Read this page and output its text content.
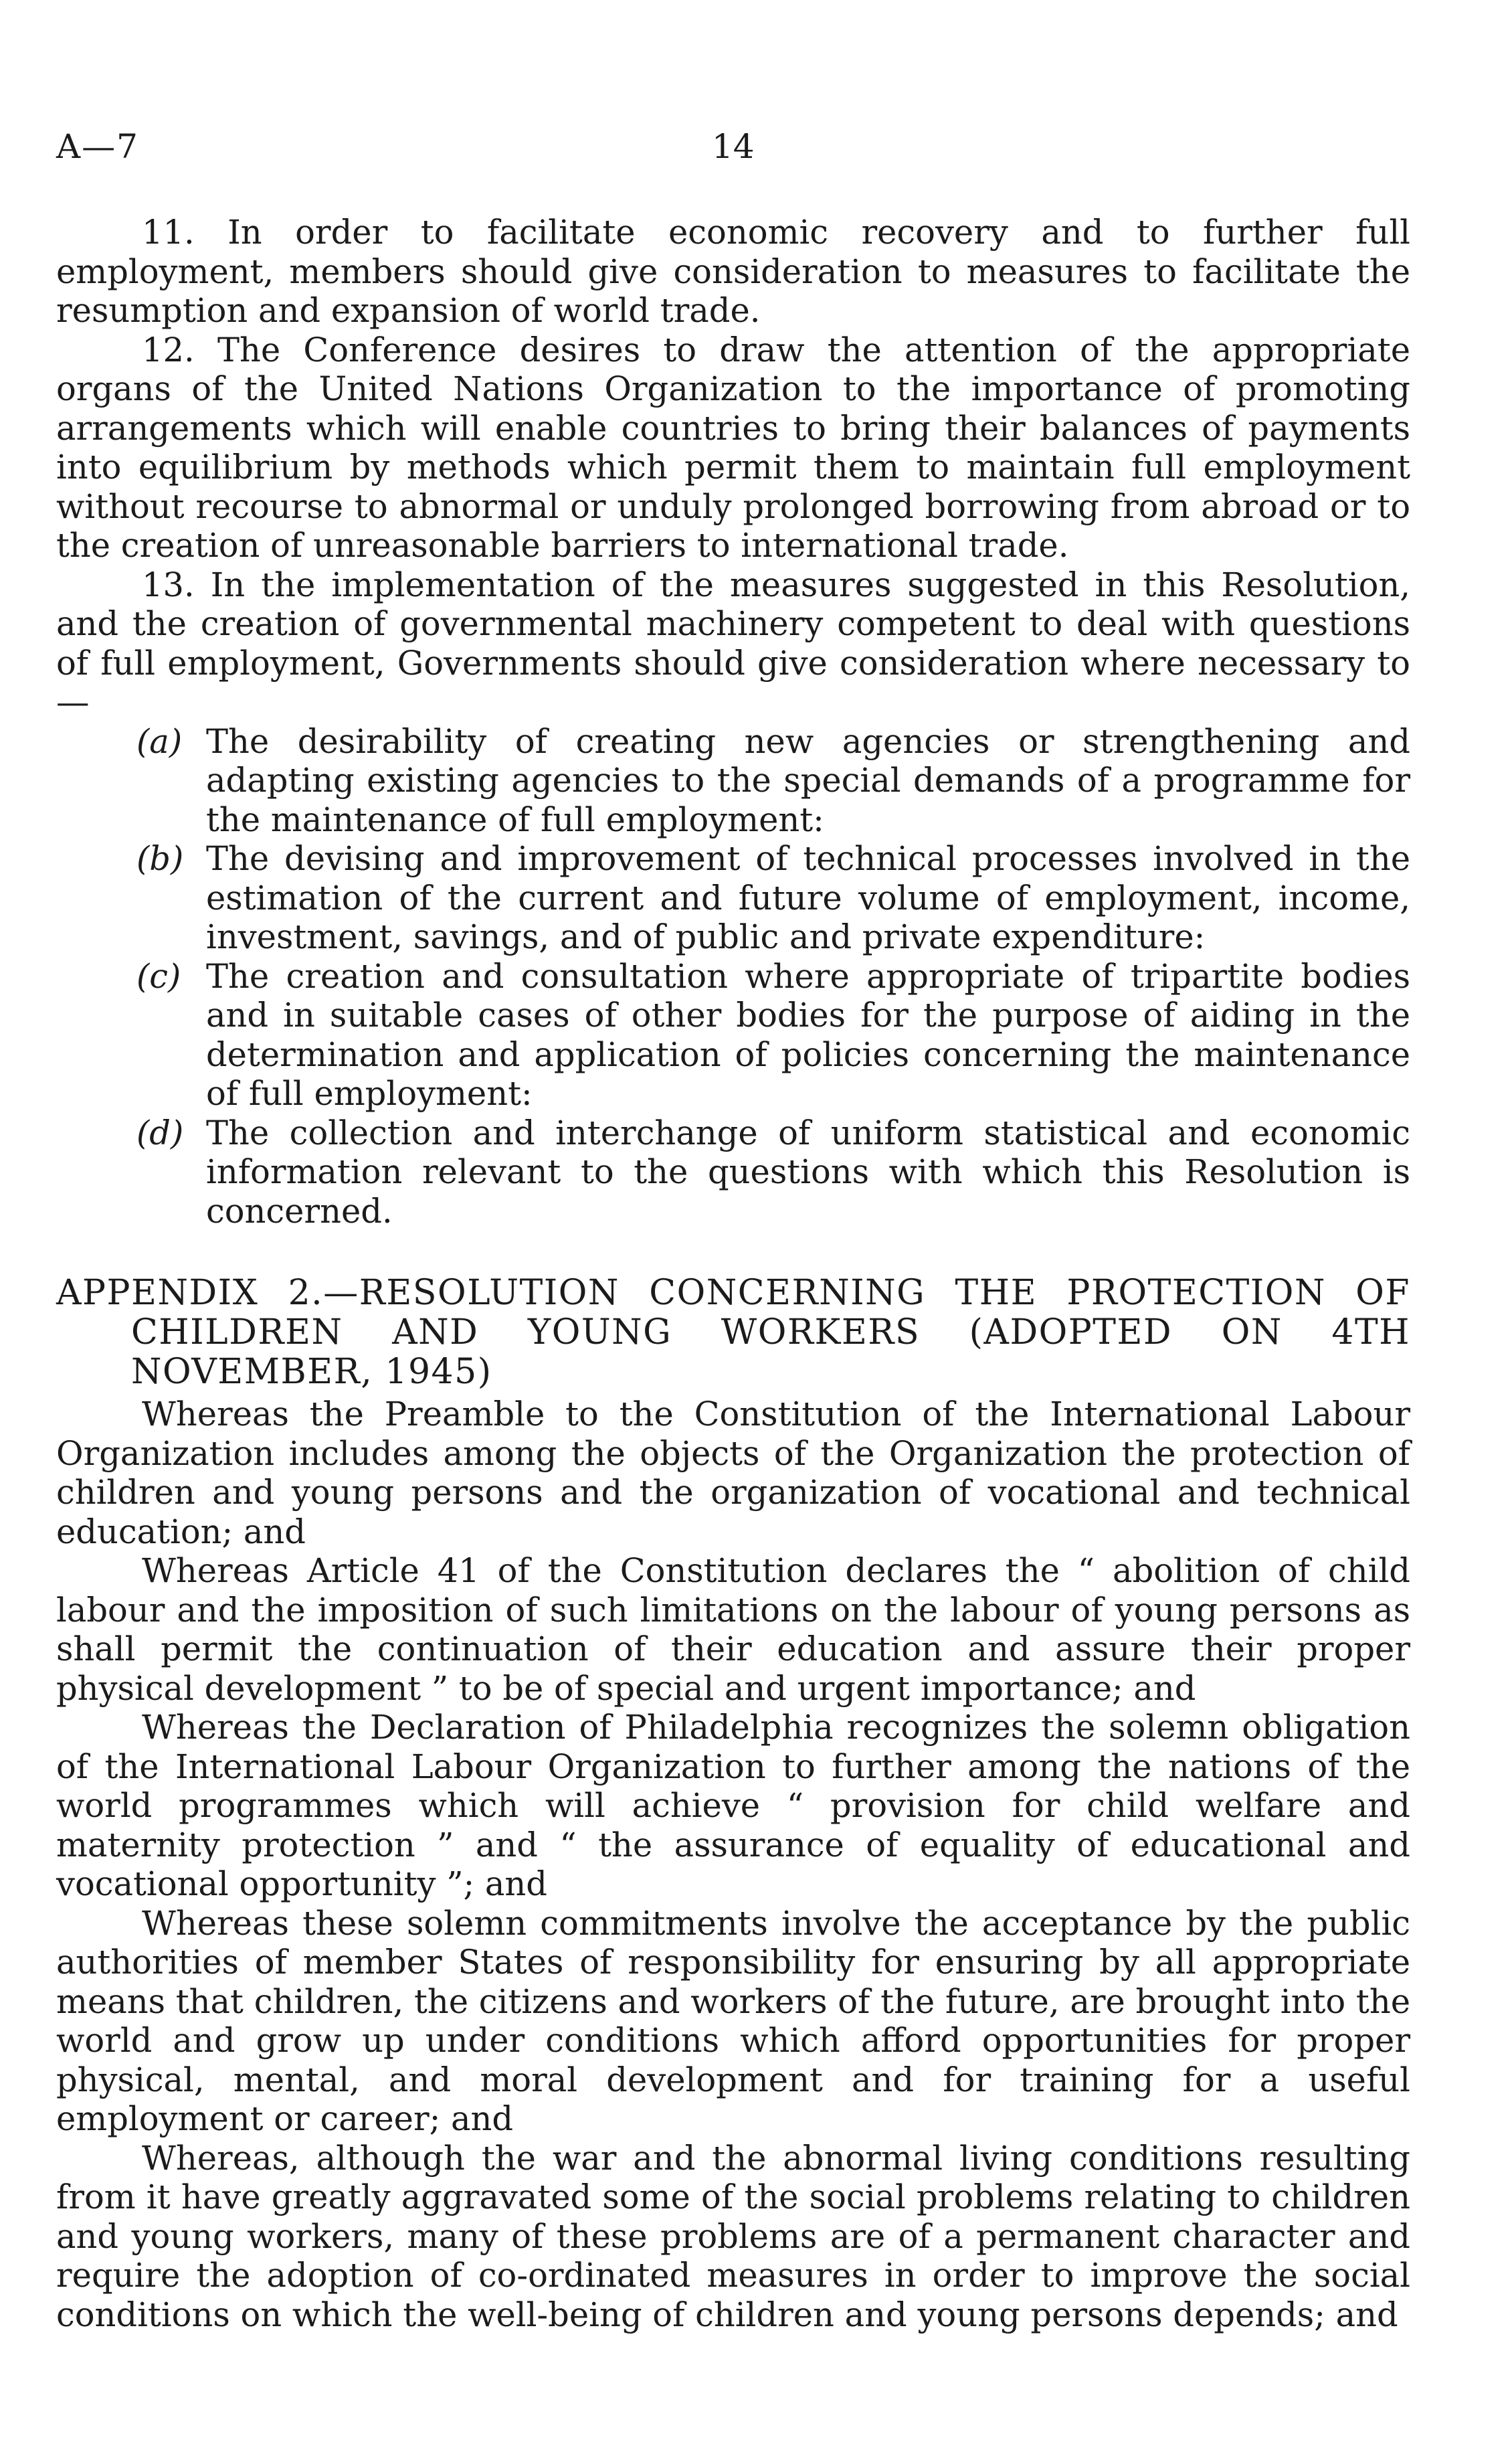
A—7	14

11. In order to facilitate economic recovery and to further full employment, members should give consideration to measures to facilitate the resumption and expansion of world trade.

12. The Conference desires to draw the attention of the appropriate organs of the United Nations Organization to the importance of promoting arrangements which will enable countries to bring their balances of payments into equilibrium by methods which permit them to maintain full employment without recourse to abnormal or unduly prolonged borrowing from abroad or to the creation of unreasonable barriers to international trade.

13. In the implementation of the measures suggested in this Resolution, and the creation of governmental machinery competent to deal with questions of full employment, Governments should give consideration where necessary to—

(a) The desirability of creating new agencies or strengthening and adapting existing agencies to the special demands of a programme for the maintenance of full employment:
(b) The devising and improvement of technical processes involved in the estimation of the current and future volume of employment, income, investment, savings, and of public and private expenditure:
(c) The creation and consultation where appropriate of tripartite bodies and in suitable cases of other bodies for the purpose of aiding in the determination and application of policies concerning the maintenance of full employment:
(d) The collection and interchange of uniform statistical and economic information relevant to the questions with which this Resolution is concerned.
APPENDIX 2.—RESOLUTION CONCERNING THE PROTECTION OF CHILDREN AND YOUNG WORKERS (ADOPTED ON 4TH NOVEMBER, 1945)

Whereas the Preamble to the Constitution of the International Labour Organization includes among the objects of the Organization the protection of children and young persons and the organization of vocational and technical education; and

Whereas Article 41 of the Constitution declares the “ abolition of child labour and the imposition of such limitations on the labour of young persons as shall permit the continuation of their education and assure their proper physical development ” to be of special and urgent importance; and

Whereas the Declaration of Philadelphia recognizes the solemn obligation of the International Labour Organization to further among the nations of the world programmes which will achieve “ provision for child welfare and maternity protection ” and “ the assurance of equality of educational and vocational opportunity ”; and

Whereas these solemn commitments involve the acceptance by the public authorities of member States of responsibility for ensuring by all appropriate means that children, the citizens and workers of the future, are brought into the world and grow up under conditions which afford opportunities for proper physical, mental, and moral development and for training for a useful employment or career; and

Whereas, although the war and the abnormal living conditions resulting from it have greatly aggravated some of the social problems relating to children and young workers, many of these problems are of a permanent character and require the adoption of co-ordinated measures in order to improve the social conditions on which the well-being of children and young persons depends; and
